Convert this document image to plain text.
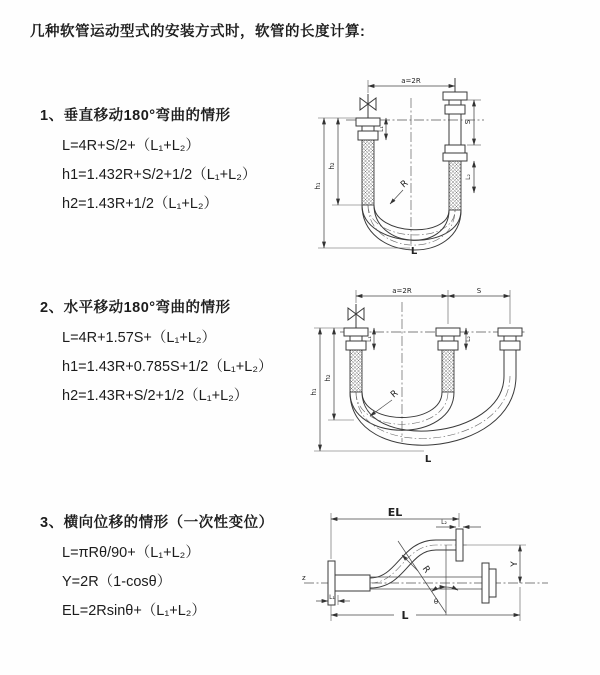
几种软管运动型式的安装方式时，软管的长度计算:
1、垂直移动180°弯曲的情形
L=4R+S/2+（L₁+L₂）
h1=1.432R+S/2+1/2（L₁+L₂）
h2=1.43R+1/2（L₁+L₂）
a=2R
h₁
h₂
S
L₁
L₂
R
L
2、水平移动180°弯曲的情形
L=4R+1.57S+（L₁+L₂）
h1=1.43R+0.785S+1/2（L₁+L₂）
h2=1.43R+S/2+1/2（L₁+L₂）
a=2R	S
h₁
h₂
L₁	L₂
R
L
3、横向位移的情形（一次性变位）
L=πRθ/90+（L₁+L₂）
Y=2R（1-cosθ）
EL=2Rsinθ+（L₁+L₂）
z
EL
L₂
Y
θ
R
L₁
L
